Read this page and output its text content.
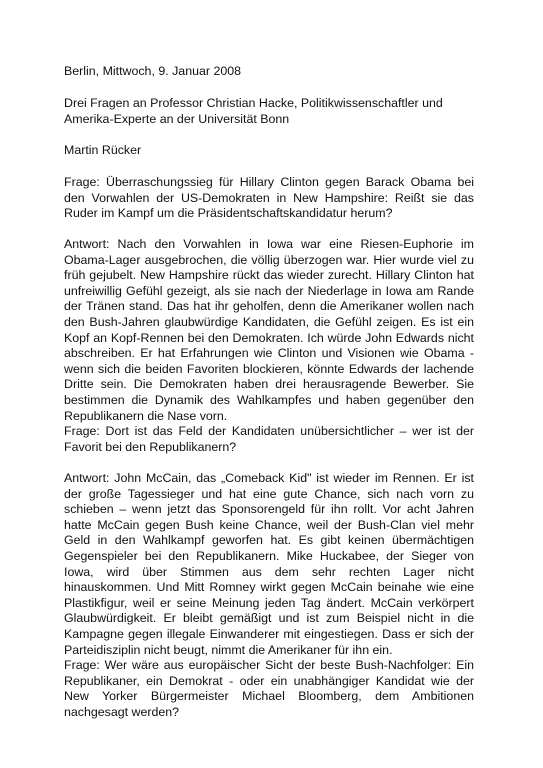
Berlin, Mittwoch, 9. Januar 2008

Drei Fragen an Professor Christian Hacke, Politikwissenschaftler und Amerika-Experte an der Universität Bonn

Martin Rücker

Frage: Überraschungssieg für Hillary Clinton gegen Barack Obama bei den Vorwahlen der US-Demokraten in New Hampshire: Reißt sie das Ruder im Kampf um die Präsidentschaftskandidatur herum?

Antwort: Nach den Vorwahlen in Iowa war eine Riesen-Euphorie im Obama-Lager ausgebrochen, die völlig überzogen war. Hier wurde viel zu früh gejubelt. New Hampshire rückt das wieder zurecht. Hillary Clinton hat unfreiwillig Gefühl gezeigt, als sie nach der Niederlage in Iowa am Rande der Tränen stand. Das hat ihr geholfen, denn die Amerikaner wollen nach den Bush-Jahren glaubwürdige Kandidaten, die Gefühl zeigen. Es ist ein Kopf an Kopf-Rennen bei den Demokraten. Ich würde John Edwards nicht abschreiben. Er hat Erfahrungen wie Clinton und Visionen wie Obama - wenn sich die beiden Favoriten blockieren, könnte Edwards der lachende Dritte sein. Die Demokraten haben drei herausragende Bewerber. Sie bestimmen die Dynamik des Wahlkampfes und haben gegenüber den Republikanern die Nase vorn.

Frage: Dort ist das Feld der Kandidaten unübersichtlicher – wer ist der Favorit bei den Republikanern?

Antwort: John McCain, das „Comeback Kid" ist wieder im Rennen. Er ist der große Tagessieger und hat eine gute Chance, sich nach vorn zu schieben – wenn jetzt das Sponsorengeld für ihn rollt. Vor acht Jahren hatte McCain gegen Bush keine Chance, weil der Bush-Clan viel mehr Geld in den Wahlkampf geworfen hat. Es gibt keinen übermächtigen Gegenspieler bei den Republikanern. Mike Huckabee, der Sieger von Iowa, wird über Stimmen aus dem sehr rechten Lager nicht hinauskommen. Und Mitt Romney wirkt gegen McCain beinahe wie eine Plastikfigur, weil er seine Meinung jeden Tag ändert. McCain verkörpert Glaubwürdigkeit. Er bleibt gemäßigt und ist zum Beispiel nicht in die Kampagne gegen illegale Einwanderer mit eingestiegen. Dass er sich der Parteidisziplin nicht beugt, nimmt die Amerikaner für ihn ein.

Frage: Wer wäre aus europäischer Sicht der beste Bush-Nachfolger: Ein Republikaner, ein Demokrat - oder ein unabhängiger Kandidat wie der New Yorker Bürgermeister Michael Bloomberg, dem Ambitionen nachgesagt werden?
